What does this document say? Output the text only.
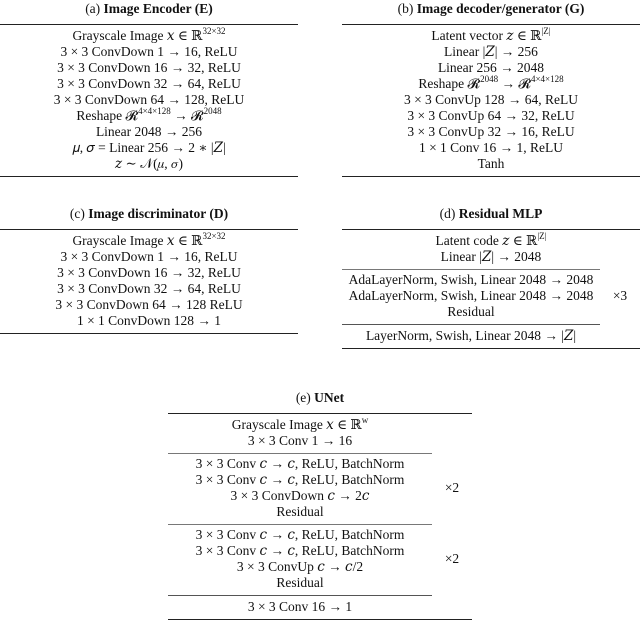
(a) Image Encoder (E)
Grayscale Image 𝑥 ∈ ℝ$^{32\times 32}$
3 × 3 ConvDown 1 → 16, ReLU
3 × 3 ConvDown 16 → 32, ReLU
3 × 3 ConvDown 32 → 64, ReLU
3 × 3 ConvDown 64 → 128, ReLU
Reshape 𝓡$^{4\times 4\times 128}$ → 𝓡$^{2048}$
Linear 2048 → 256
𝜇, 𝜎 = Linear 256 → 2 ∗ |𝑍|
𝑧 ∼ 𝒩(𝜇, 𝜎)
(b) Image decoder/generator (G)
Latent vector 𝑧 ∈ ℝ$^{|Z|}$
Linear |𝑍| → 256
Linear 256 → 2048
Reshape 𝓡$^{2048}$ → 𝓡$^{4\times 4\times 128}$
3 × 3 ConvUp 128 → 64, ReLU
3 × 3 ConvUp 64 → 32, ReLU
3 × 3 ConvUp 32 → 16, ReLU
1 × 1 Conv 16 → 1, ReLU
Tanh
(c) Image discriminator (D)
Grayscale Image 𝑥 ∈ ℝ$^{32\times 32}$
3 × 3 ConvDown 1 → 16, ReLU
3 × 3 ConvDown 16 → 32, ReLU
3 × 3 ConvDown 32 → 64, ReLU
3 × 3 ConvDown 64 → 128 ReLU
1 × 1 ConvDown 128 → 1
(d) Residual MLP
Latent code 𝑧 ∈ ℝ$^{|Z|}$
Linear |𝑍| → 2048
AdaLayerNorm, Swish, Linear 2048 → 2048
AdaLayerNorm, Swish, Linear 2048 → 2048
Residual
×3
LayerNorm, Swish, Linear 2048 → |𝑍|
(e) UNet
Grayscale Image 𝑥 ∈ ℝ$^w$
3 × 3 Conv 1 → 16
3 × 3 Conv 𝑐 → 𝑐, ReLU, BatchNorm
3 × 3 Conv 𝑐 → 𝑐, ReLU, BatchNorm
3 × 3 ConvDown 𝑐 → 2𝑐
Residual
×2
3 × 3 Conv 𝑐 → 𝑐, ReLU, BatchNorm
3 × 3 Conv 𝑐 → 𝑐, ReLU, BatchNorm
3 × 3 ConvUp 𝑐 → 𝑐/2
Residual
×2
3 × 3 Conv 16 → 1
